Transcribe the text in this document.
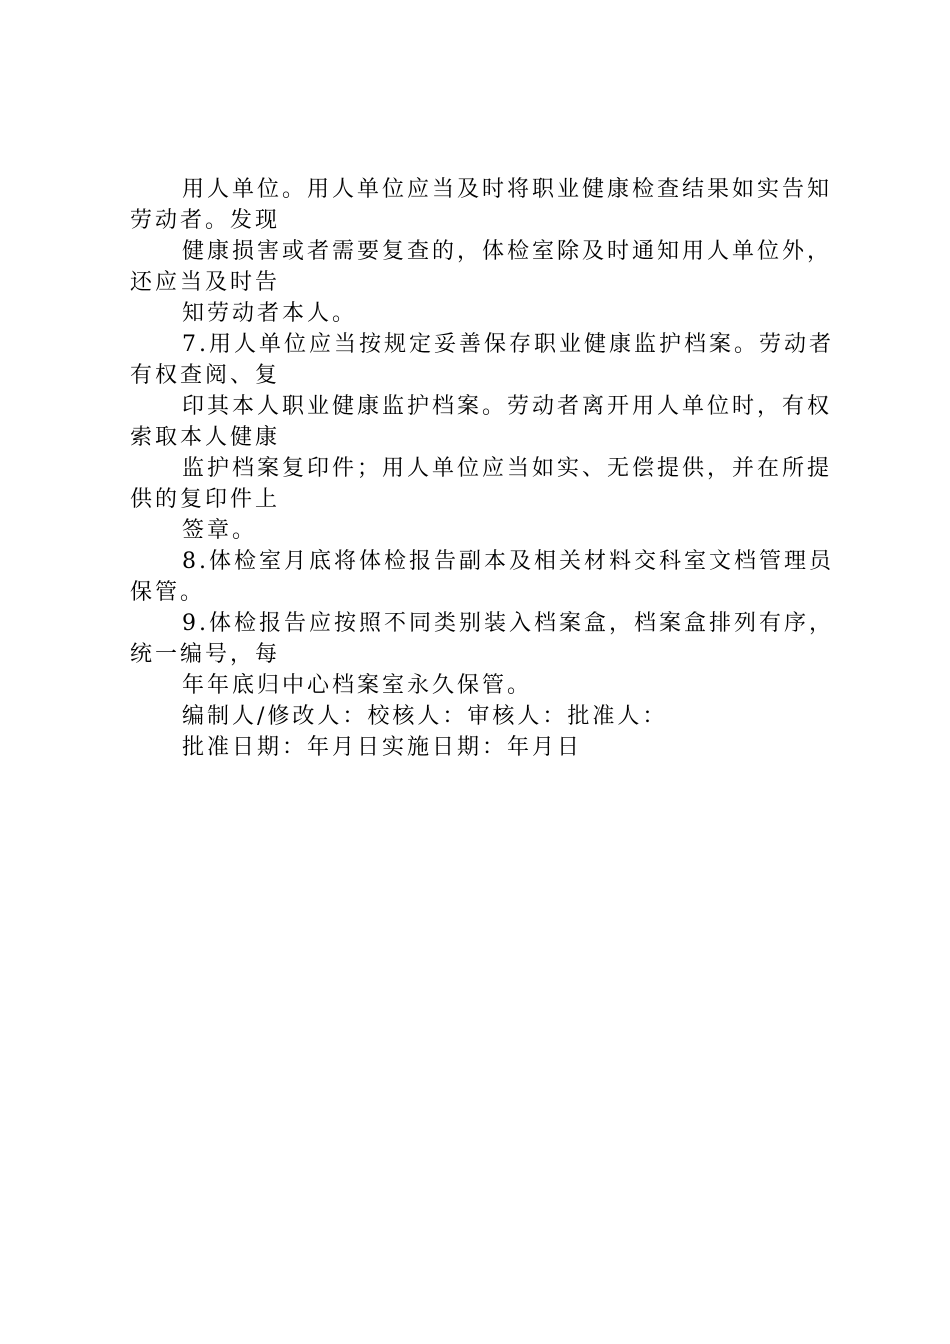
用人单位。用人单位应当及时将职业健康检查结果如实告知劳动者。发现

健康损害或者需要复查的，体检室除及时通知用人单位外，还应当及时告

知劳动者本人。

7.用人单位应当按规定妥善保存职业健康监护档案。劳动者有权查阅、复

印其本人职业健康监护档案。劳动者离开用人单位时，有权索取本人健康

监护档案复印件；用人单位应当如实、无偿提供，并在所提供的复印件上

签章。

8.体检室月底将体检报告副本及相关材料交科室文档管理员保管。

9.体检报告应按照不同类别装入档案盒，档案盒排列有序，统一编号，每

年年底归中心档案室永久保管。

编制人/修改人：校核人：审核人：批准人：

批准日期：年月日实施日期：年月日
